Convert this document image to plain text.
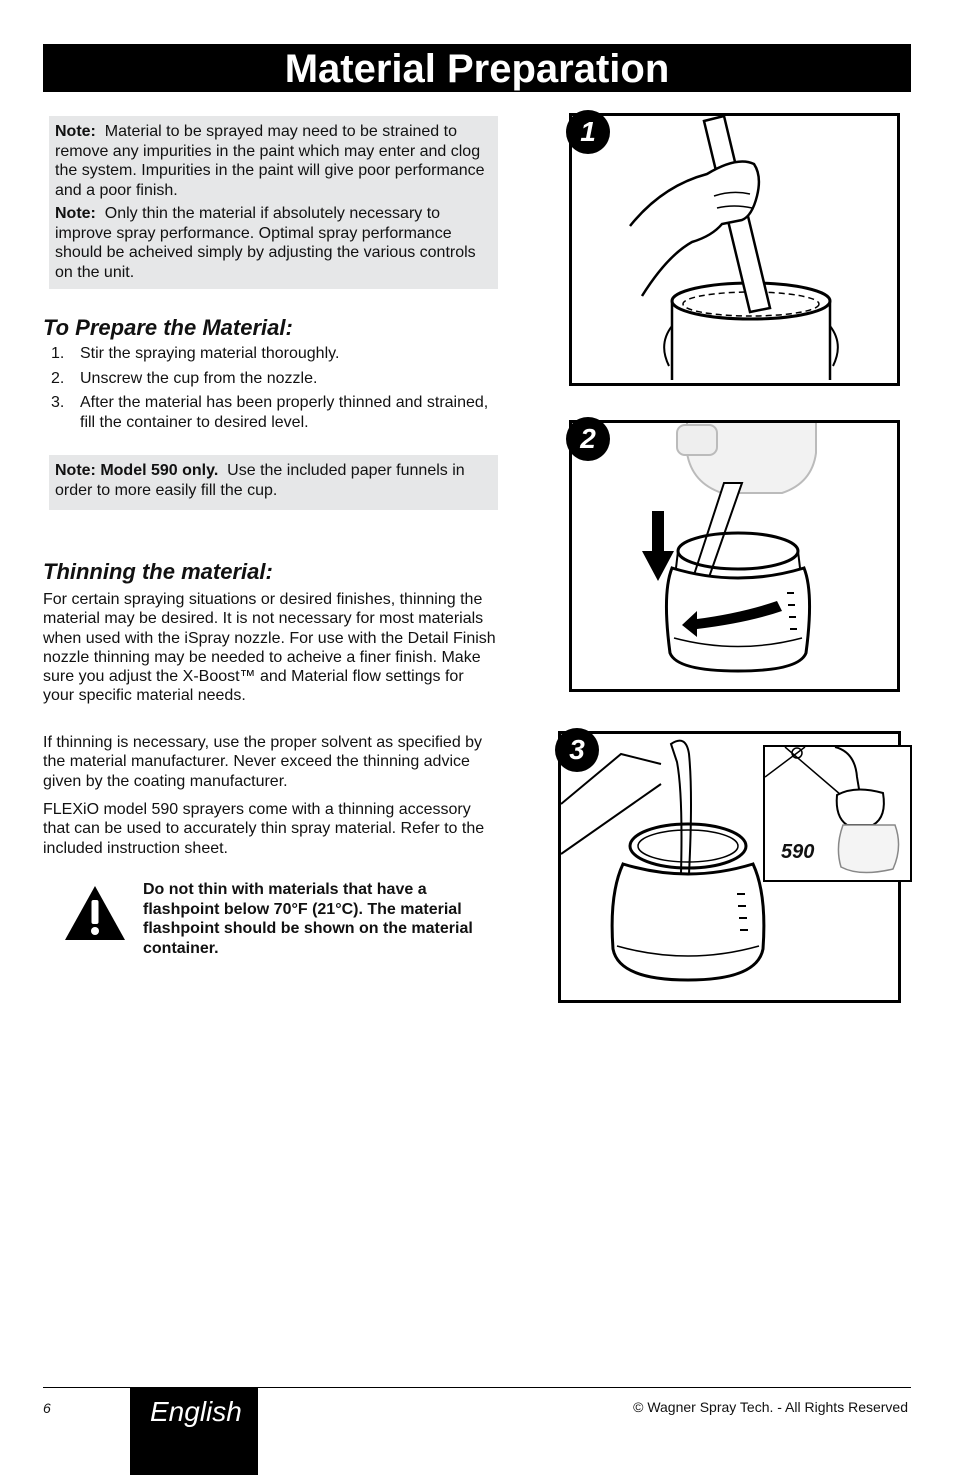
Material Preparation

Note: Material to be sprayed may need to be strained to remove any impurities in the paint which may enter and clog the system. Impurities in the paint will give poor performance and a poor finish.

Note: Only thin the material if absolutely necessary to improve spray performance. Optimal spray performance should be acheived simply by adjusting the various controls on the unit.

To Prepare the Material:
1. Stir the spraying material thoroughly.
2. Unscrew the cup from the nozzle.
3. After the material has been properly thinned and strained, fill the container to desired level.

Note: Model 590 only. Use the included paper funnels in order to more easily fill the cup.

Thinning the material:

For certain spraying situations or desired finishes, thinning the material may be desired. It is not necessary for most materials when used with the iSpray nozzle. For use with the Detail Finish nozzle thinning may be needed to acheive a finer finish. Make sure you adjust the X-Boost™ and Material flow settings for your specific material needs.

If thinning is necessary, use the proper solvent as specified by the material manufacturer. Never exceed the thinning advice given by the coating manufacturer.

FLEXiO model 590 sprayers come with a thinning accessory that can be used to accurately thin spray material. Refer to the included instruction sheet.

Do not thin with materials that have a flashpoint below 70°F (21°C). The material flashpoint should be shown on the material container.
1
2
3
590
6	English	© Wagner Spray Tech. - All Rights Reserved
